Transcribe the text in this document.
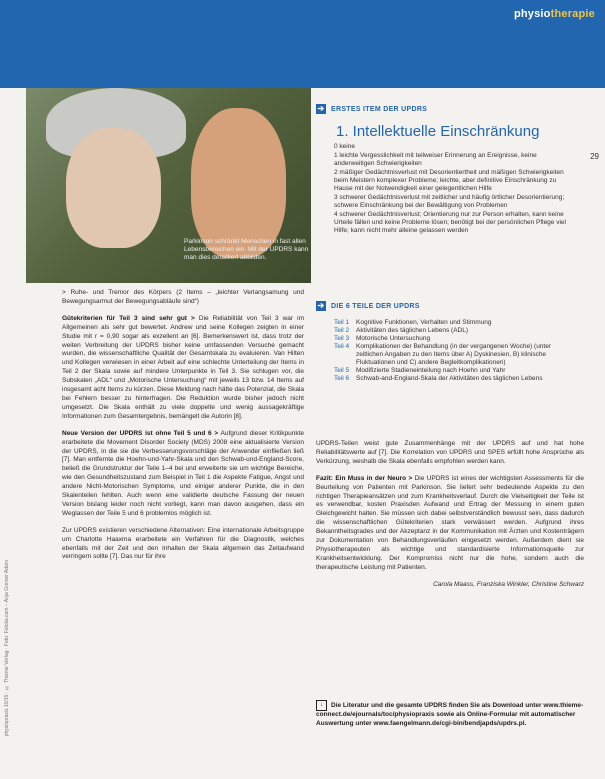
physiotherapie
Parkinson schränkt Menschen in fast allen Lebensbereichen ein. Mit der UPDRS kann man dies detailliert abbilden.
29
➔ ERSTES ITEM DER UPDRS
1. Intellektuelle Einschränkung

0 keine

1 leichte Vergesslichkeit mit teilweiser Erinnerung an Ereignisse, keine anderweitigen Schwierigkeiten

2 mäßiger Gedächtnisverlust mit Desorientiertheit und mäßigen Schwierigkeiten beim Meistern komplexer Probleme; leichte, aber definitive Einschränkung zu Hause mit der Notwendigkeit einer gelegentlichen Hilfe

3 schwerer Gedächtnisverlust mit zeitlicher und häufig örtlicher Desorientierung; schwere Einschränkung bei der Bewältigung von Problemen

4 schwerer Gedächtnisverlust; Orientierung nur zur Person erhalten, kann keine Urteile fällen und keine Probleme lösen; benötigt bei der persönlichen Pflege viel Hilfe; kann nicht mehr alleine gelassen werden

➔ DIE 6 TEILE DER UPDRS
Teil 1	Kognitive Funktionen, Verhalten und Stimmung
Teil 2	Aktivitäten des täglichen Lebens (ADL)
Teil 3	Motorische Untersuchung
Teil 4	Komplikationen der Behandlung (in der vergangenen Woche) (unter zeitlichen Angaben zu den Items über A) Dyskinesien, B) klinische Fluktuationen und C) andere Begleitkomplikationen)
Teil 5	Modifizierte Stadieneinteilung nach Hoehn und Yahr
Teil 6	Schwab-and-England-Skala der Aktivitäten des täglichen Lebens

> Ruhe- und Tremor des Körpers (2 Items – „leichter Verlangsamung und Bewegungsarmut der Bewegungsabläufe sind“)

Gütekriterien für Teil 3 sind sehr gut > Die Reliabilität von Teil 3 war im Allgemeinen als sehr gut bewertet. Andrew und seine Kollegen zeigten in einer Studie mit r = 0,90 sogar als exzellent an [6]. Bemerkenswert ist, dass trotz der weiten Verbreitung der UPDRS bisher keine umfassenden Versuche gemacht wurden, die wissenschaftliche Qualität der Gesamtskala zu evaluieren. Van Hilten und Kollegen verwiesen in einer Arbeit auf eine schlechte Unterteilung der Items in Teil 2 der Skala sowie auf mindere Unterpunkte in Teil 3. Sie schlugen vor, die Subskalen „ADL“ und „Motorische Untersuchung“ mit jeweils 13 bzw. 14 Items auf insgesamt acht Items zu kürzen. Diese Meldung nach hätte das Potenzial, die Skala bei Fehlern besser zu hinterfragen. Die Reduktion wurde bisher jedoch nicht umgesetzt. Die Skala enthält zu viele doppelte und wenig aussagekräftige Informationen zum Gesamtergebnis, bemängelt die Autorin [8].

Neue Version der UPDRS ist ohne Teil 5 und 6 > Aufgrund dieser Kritikpunkte erarbeitete die Movement Disorder Society (MDS) 2008 eine aktualisierte Version der UPDRS, in die sie die Verbesserungsvorschläge der Anwender einfließen ließ [7]. Man entfernte die Hoehn-und-Yahr-Skala und den Schwab-und-England-Score, beließ die Grundstruktur der Teile 1–4 bei und erweiterte sie um wichtige Bereiche, wie den Gesundheitszustand zum Beispiel in Teil 1 die Aspekte Fatigue, Angst und andere Nicht-Motorischen Symptome, und einiger anderer Punkte, die in den Skalenteilen fehlten. Auch wenn eine validierte deutsche Fassung der neuen Version bislang leider noch nicht vorliegt, kann man davon ausgehen, dass ein Weglassen der Teile 5 und 6 problemlos möglich ist.

Zur UPDRS existieren verschiedene Alternativen: Eine internationale Arbeitsgruppe um Charlotte Haaxma erarbeitete ein Verfahren für die Diagnostik, welches ebenfalls mit der Zeit und den Inhalten der Skala allgemein das Zeitaufwand verringern sollte [7]. Das nur für ihre

UPDRS-Teilen weist gute Zusammenhänge mit der UPDRS auf und hat hohe Reliabilitätswerte auf [7]. Die Korrelation von UPDRS und SPES erfüllt hohe Ansprüche als Verkürzung, weshalb die Skala ebenfalls empfohlen werden kann.

Fazit: Ein Muss in der Neuro > Die UPDRS ist eines der wichtigsten Assessments für die Beurteilung von Patienten mit Parkinson. Sie liefert sehr bedeutende Aspekte zu den richtigen Therapieansätzen und zum Krankheitsverlauf. Durch die Vielseitigkeit der Teile ist es verwendbar, kosten Praxisden Aufwand und Ertrag der Messung in einem guten Gleichgewicht halten. Sie müssen sich dabei selbstverständlich bewusst sein, dass dadurch die wissenschaftlichen Gütekriterien stark verwässert werden. Aufgrund ihres Bekanntheitsgrades und der Akzeptanz in der Kommunikation mit Ärzten und Kostenträgern zur Dokumentation von Behandlungsverläufen eingesetzt werden. Außerdem dient sie Physiotherapeuten als wichtige und standardisierte Informationsquelle zur Krankheitsentwicklung. Der Kompromiss nicht nur die hohe, sondern auch die therapeutische Leistung mit Patienten.

Carola Maass, Franziska Winkler, Christine Schwarz

↓ Die Literatur und die gesamte UPDRS finden Sie als Download unter www.thieme-connect.de/ejournals/toc/physiopraxis sowie als Online-Formular mit automatischer Auswertung unter www.faengelmann.de/cgi-bin/bendjapds/updrs.pl.
physiopraxis 10/15 · © Thieme Verlag · Foto: Fotolia.com – Anja Greiner Adam
